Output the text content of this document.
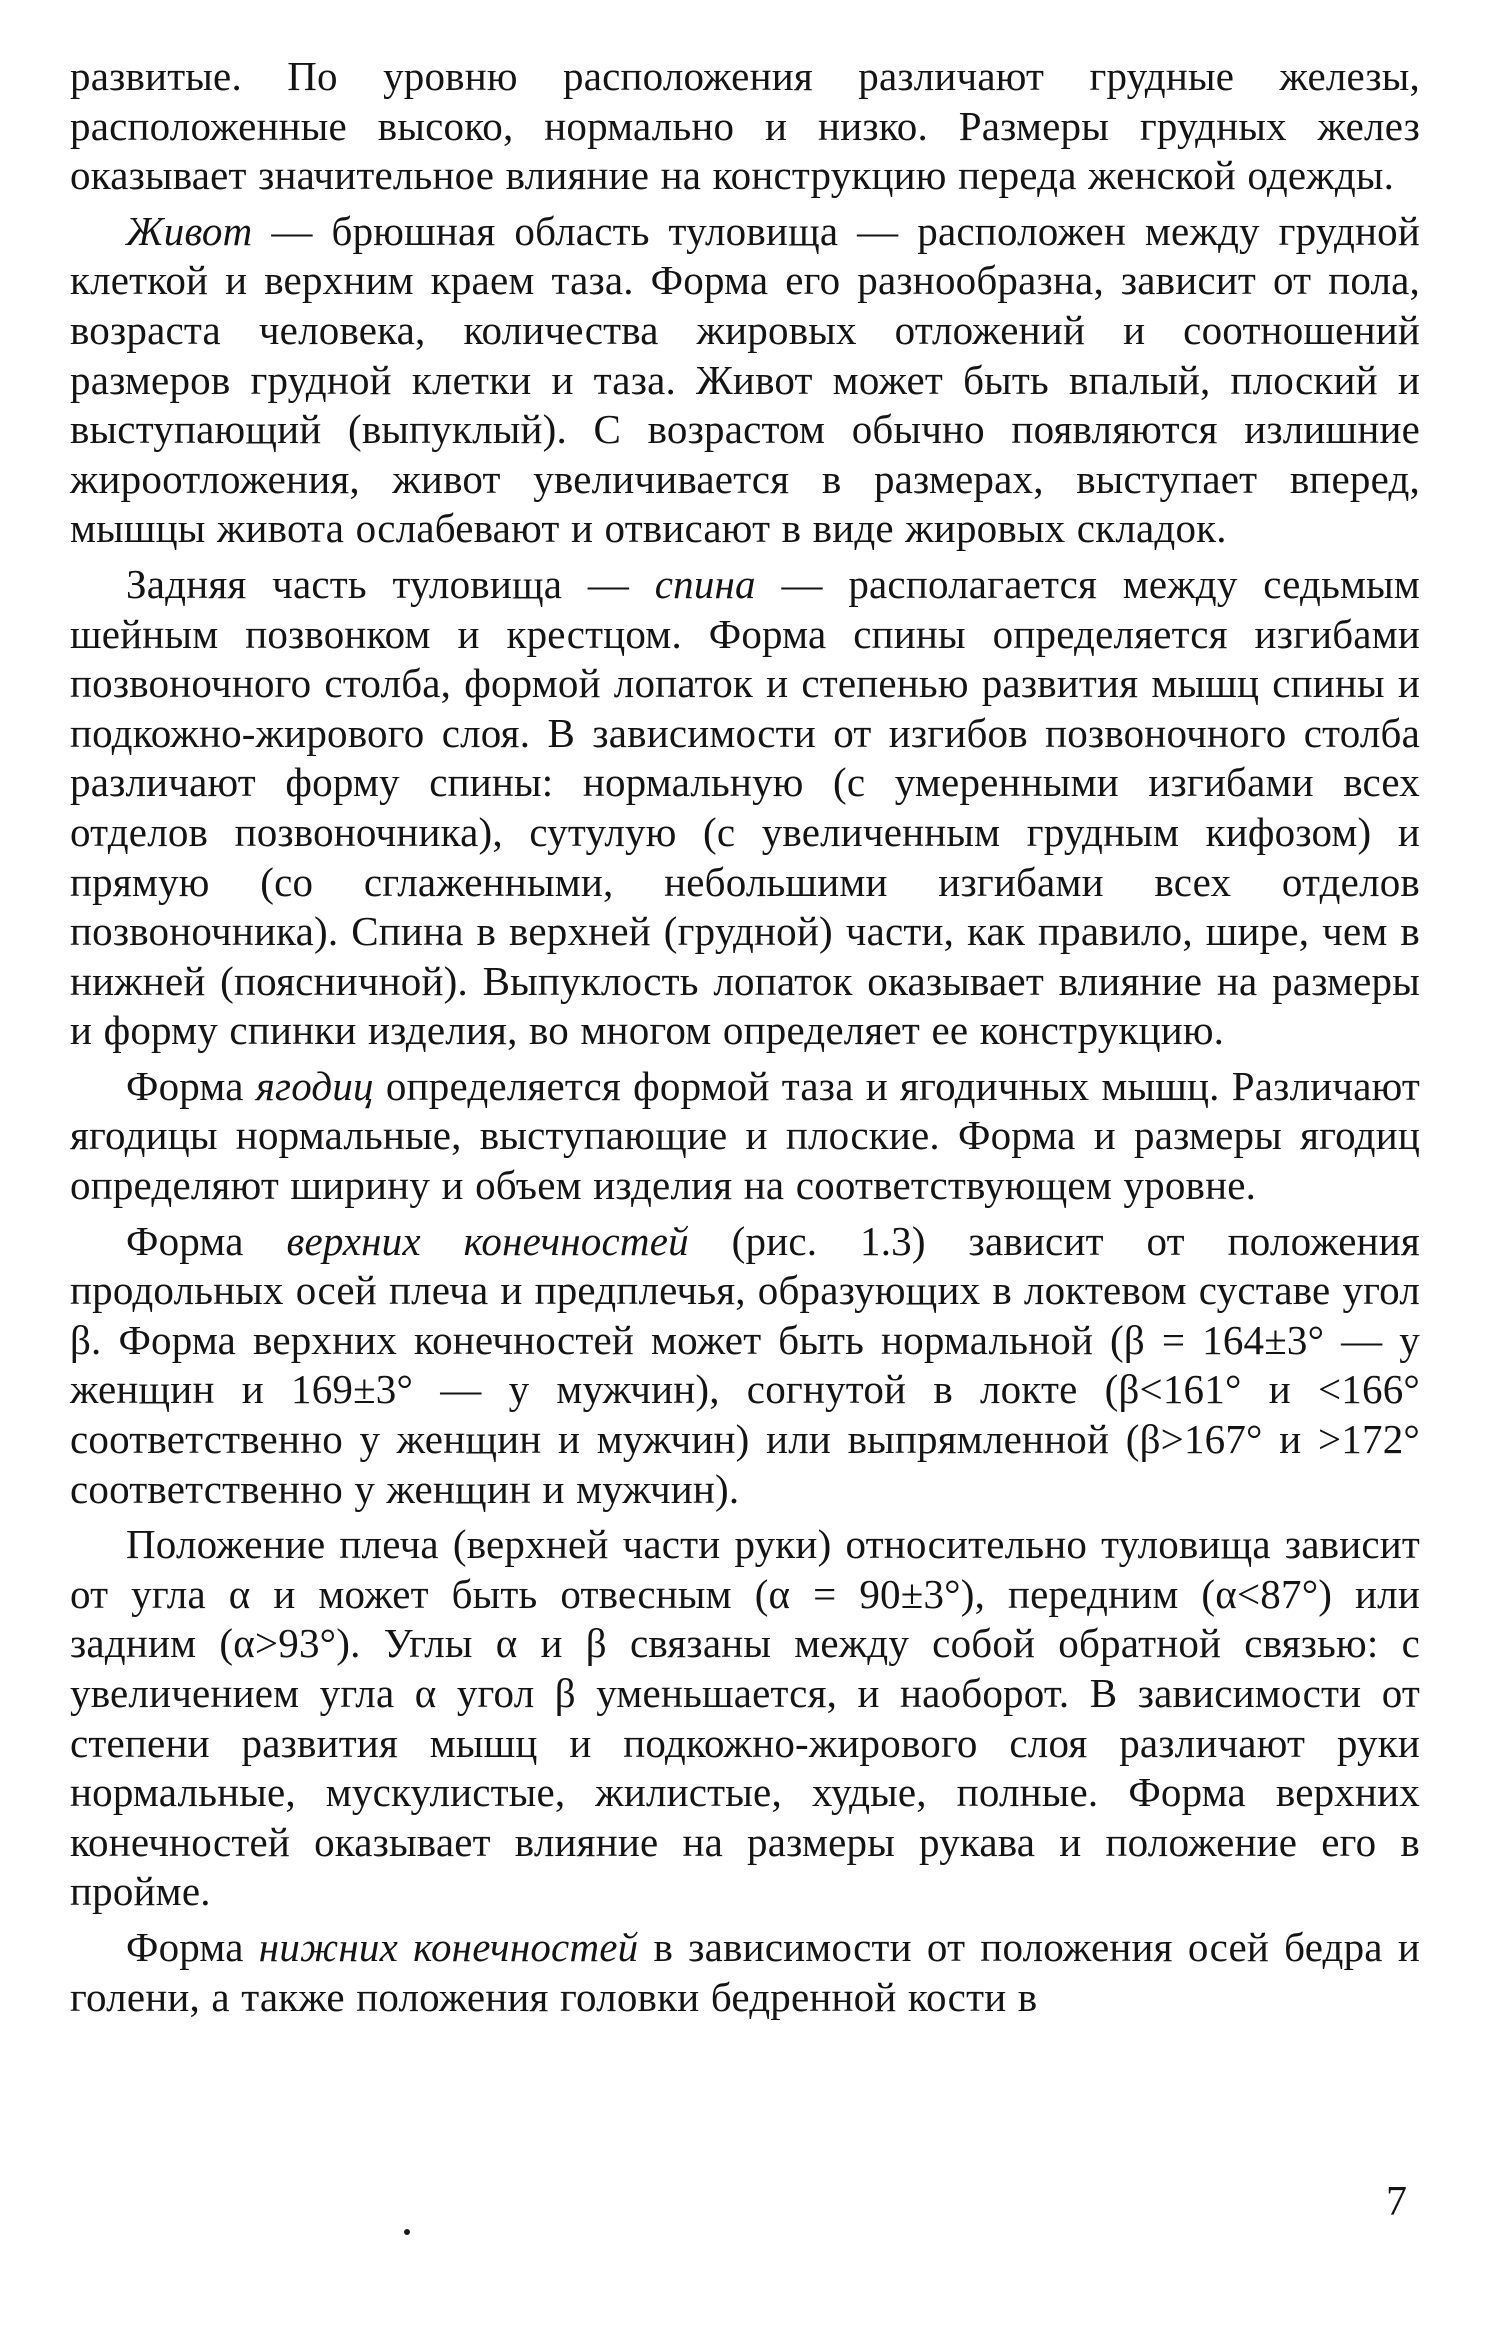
развитые. По уровню расположения различают грудные железы, расположенные высоко, нормально и низко. Размеры грудных желез оказывает значительное влияние на конструкцию переда женской одежды.

Живот — брюшная область туловища — расположен между грудной клеткой и верхним краем таза. Форма его разнообразна, зависит от пола, возраста человека, количества жировых отложений и соотношений размеров грудной клетки и таза. Живот может быть впалый, плоский и выступающий (выпуклый). С возрастом обычно появляются излишние жироотложения, живот увеличивается в размерах, выступает вперед, мышцы живота ослабевают и отвисают в виде жировых складок.

Задняя часть туловища — спина — располагается между седьмым шейным позвонком и крестцом. Форма спины определяется изгибами позвоночного столба, формой лопаток и степенью развития мышц спины и подкожно-жирового слоя. В зависимости от изгибов позвоночного столба различают форму спины: нормальную (с умеренными изгибами всех отделов позвоночника), сутулую (с увеличенным грудным кифозом) и прямую (со сглаженными, небольшими изгибами всех отделов позвоночника). Спина в верхней (грудной) части, как правило, шире, чем в нижней (поясничной). Выпуклость лопаток оказывает влияние на размеры и форму спинки изделия, во многом определяет ее конструкцию.

Форма ягодиц определяется формой таза и ягодичных мышц. Различают ягодицы нормальные, выступающие и плоские. Форма и размеры ягодиц определяют ширину и объем изделия на соответствующем уровне.

Форма верхних конечностей (рис. 1.3) зависит от положения продольных осей плеча и предплечья, образующих в локтевом суставе угол β. Форма верхних конечностей может быть нормальной (β = 164±3° — у женщин и 169±3° — у мужчин), согнутой в локте (β<161° и <166° соответственно у женщин и мужчин) или выпрямленной (β>167° и >172° соответственно у женщин и мужчин).

Положение плеча (верхней части руки) относительно туловища зависит от угла α и может быть отвесным (α = 90±3°), передним (α<87°) или задним (α>93°). Углы α и β связаны между собой обратной связью: с увеличением угла α угол β уменьшается, и наоборот. В зависимости от степени развития мышц и подкожно-жирового слоя различают руки нормальные, мускулистые, жилистые, худые, полные. Форма верхних конечностей оказывает влияние на размеры рукава и положение его в пройме.

Форма нижних конечностей в зависимости от положения осей бедра и голени, а также положения головки бедренной кости в

7
